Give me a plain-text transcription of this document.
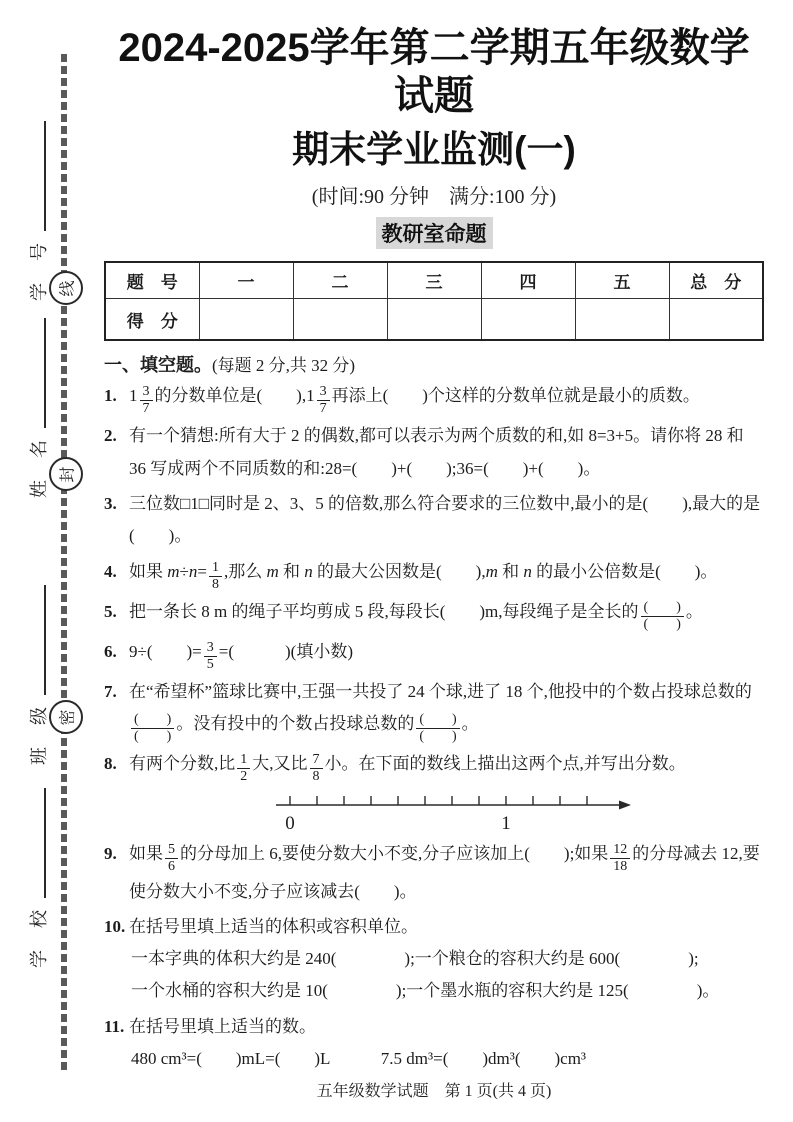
学　号
姓　名
班　级
学　校
线
封
密
2024-2025学年第二学期五年级数学试题
期末学业监测(一)
(时间:90 分钟　满分:100 分)
教研室命题
题　号	一	二	三	四	五	总　分
得　分						
一、填空题。(每题 2 分,共 32 分)
1. $1 \frac{3}{7}$ 的分数单位是(　　)$,1 \frac{3}{7}$ 再添上(　　)个这样的分数单位就是最小的质数。
2. 有一个猜想:所有大于 2 的偶数,都可以表示为两个质数的和,如 8=3+5。请你将 28 和 36 写成两个不同质数的和:28=(　　)+(　　);36=(　　)+(　　)。
3. 三位数□1□同时是 2、3、5 的倍数,那么符合要求的三位数中,最小的是(　　),最大的是(　　)。
4. 如果 $m\div n= \frac{1}{8}$ ,那么 m 和 n 的最大公因数是(　　),m 和 n 的最小公倍数是(　　)。
5. 把一条长 8 m 的绳子平均剪成 5 段,每段长(　　)m,每段绳子是全长的 $\frac{( )}{( )}$ 。
6. 9÷(　　)= $\frac{3}{5}$ =(　　　)(填小数)
7. 在“希望杯”篮球比赛中,王强一共投了 24 个球,进了 18 个,他投中的个数占投球总数的
$\frac{( )}{( )}$ 。没有投中的个数占投球总数的 $\frac{( )}{( )}$ 。
8. 有两个分数,比 $\frac{1}{2}$ 大,又比 $\frac{7}{8}$ 小。在下面的数线上描出这两个点,并写出分数。
0	1
9. 如果 $\frac{5}{6}$ 的分母加上 6,要使分数大小不变,分子应该加上(　　);如果 $\frac{12}{18}$ 的分母减去 12,要使分数大小不变,分子应该减去(　　)。
10. 在括号里填上适当的体积或容积单位。
一本字典的体积大约是 240(　　　　);一个粮仓的容积大约是 600(　　　　);
一个水桶的容积大约是 10(　　　　);一个墨水瓶的容积大约是 125(　　　　)。
11. 在括号里填上适当的数。
480 cm³=(　　)mL=(　　)L　　　7.5 dm³=(　　)dm³(　　)cm³
五年级数学试题　第 1 页(共 4 页)
